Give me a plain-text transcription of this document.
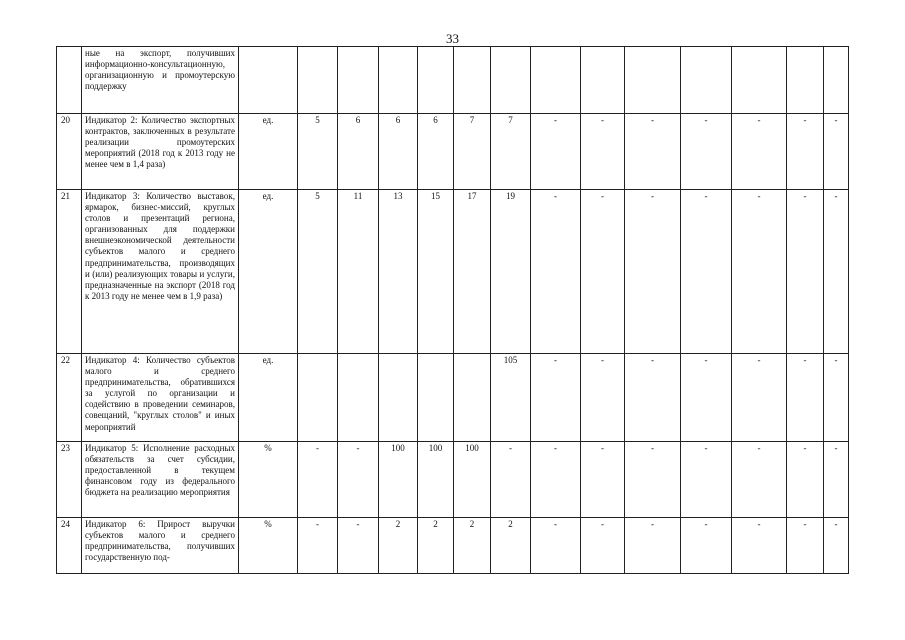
33
	ные на экспорт, получивших информационно-консультационную, организационную и промоутерскую поддержку														
20	Индикатор 2: Количество экспортных контрактов, заключенных в результате реализации промоутерских мероприятий (2018 год к 2013 году не менее чем в 1,4 раза)	ед.	5	6	6	6	7	7	-	-	-	-	-	-	-
21	Индикатор 3: Количество выставок, ярмарок, бизнес-миссий, круглых столов и презентаций региона, организованных для поддержки внешнеэкономической деятельности субъектов малого и среднего предпринимательства, производящих и (или) реализующих товары и услуги, предназначенные на экспорт (2018 год к 2013 году не менее чем в 1,9 раза)	ед.	5	11	13	15	17	19	-	-	-	-	-	-	-
22	Индикатор 4: Количество субъектов малого и среднего предпринимательства, обратившихся за услугой по организации и содействию в проведении семинаров, совещаний, "круглых столов" и иных мероприятий	ед.						105	-	-	-	-	-	-	-
23	Индикатор 5: Исполнение расходных обязательств за счет субсидии, предоставленной в текущем финансовом году из федерального бюджета на реализацию мероприятия	%	-	-	100	100	100	-	-	-	-	-	-	-	-
24	Индикатор 6: Прирост выручки субъектов малого и среднего предпринимательства, получивших государственную под-	%	-	-	2	2	2	2	-	-	-	-	-	-	-
